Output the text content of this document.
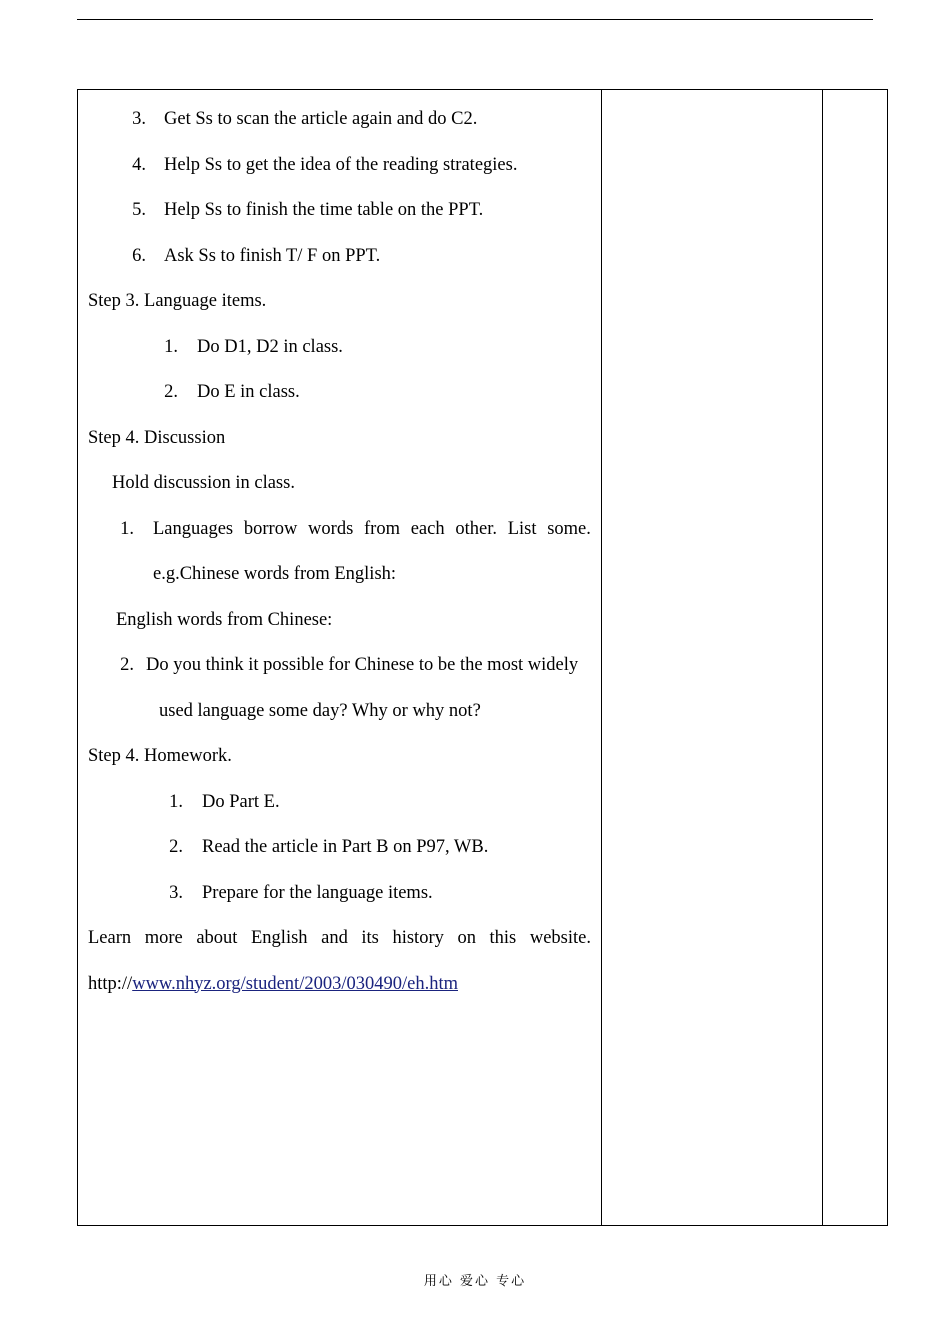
3. Get Ss to scan the article again and do C2.
4. Help Ss to get the idea of the reading strategies.
5. Help Ss to finish the time table on the PPT.
6. Ask Ss to finish T/ F on PPT.
Step 3. Language items.
1. Do D1, D2 in class.
2. Do E in class.
Step 4. Discussion
Hold discussion in class.
1. Languages borrow words from each other. List some.
e.g.Chinese words from English:
English words from Chinese:
2. Do you think it possible for Chinese to be the most widely
used language some day? Why or why not?
Step 4. Homework.
1. Do Part E.
2. Read the article in Part B on P97, WB.
3. Prepare for the language items.
Learn more about English and its history on this website.
http://www.nhyz.org/student/2003/030490/eh.htm
用心 爱心 专心
